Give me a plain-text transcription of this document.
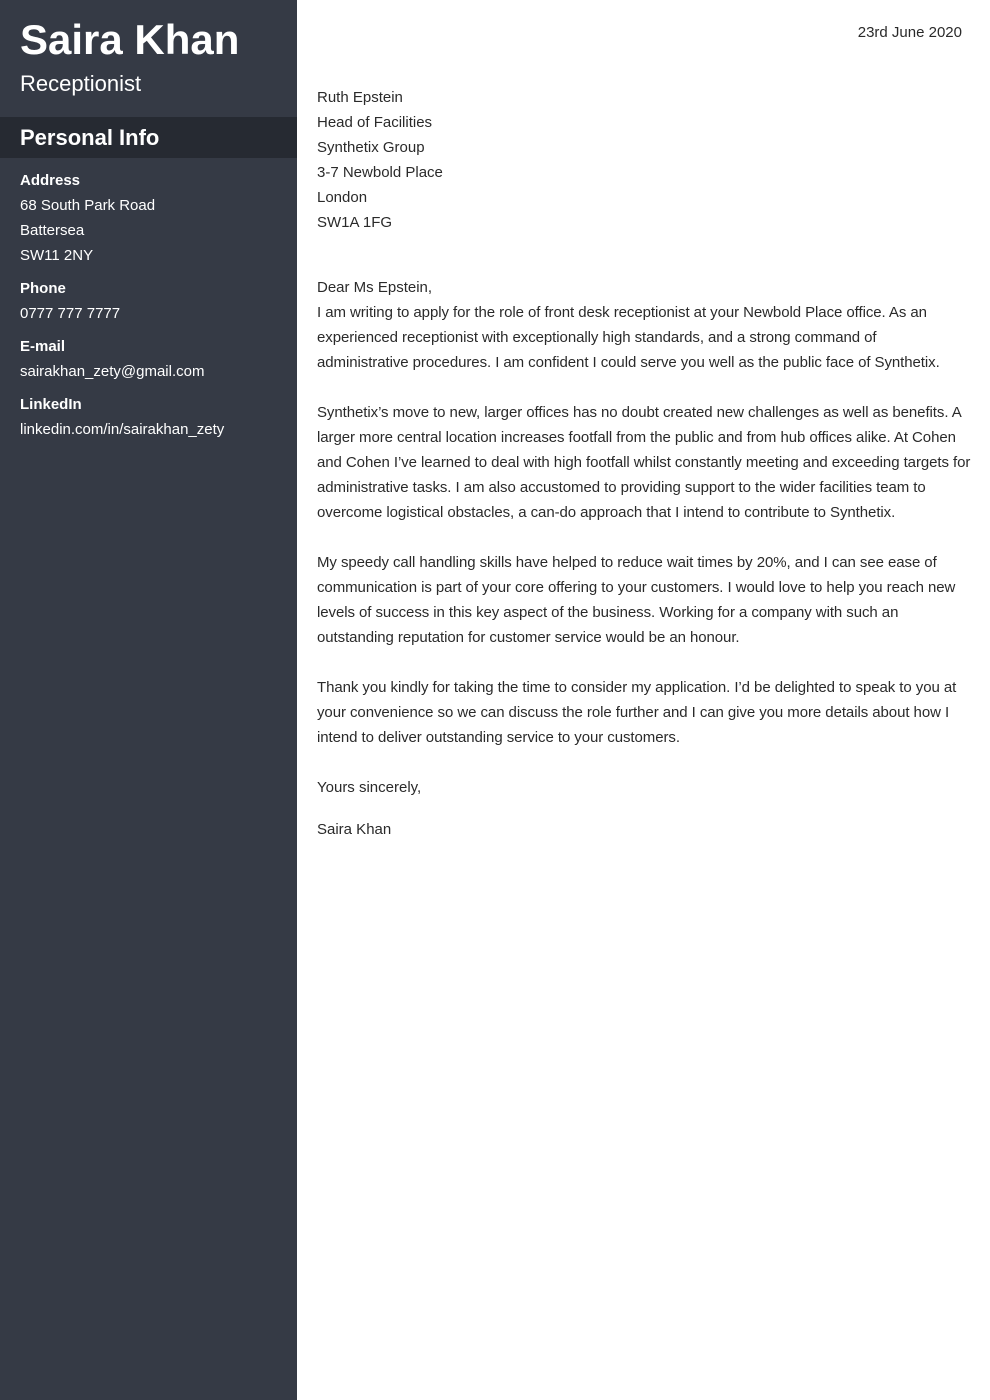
Saira Khan
Receptionist
Personal Info
Address
68 South Park Road
Battersea
SW11 2NY
Phone
0777 777 7777
E-mail
sairakhan_zety@gmail.com
LinkedIn
linkedin.com/in/sairakhan_zety
23rd June 2020
Ruth Epstein
Head of Facilities
Synthetix Group
3-7 Newbold Place
London
SW1A 1FG
Dear Ms Epstein,

I am writing to apply for the role of front desk receptionist at your Newbold Place office. As an experienced receptionist with exceptionally high standards, and a strong command of administrative procedures. I am confident I could serve you well as the public face of Synthetix.

Synthetix’s move to new, larger offices has no doubt created new challenges as well as benefits. A larger more central location increases footfall from the public and from hub offices alike. At Cohen and Cohen I’ve learned to deal with high footfall whilst constantly meeting and exceeding targets for administrative tasks. I am also accustomed to providing support to the wider facilities team to overcome logistical obstacles, a can-do approach that I intend to contribute to Synthetix.

My speedy call handling skills have helped to reduce wait times by 20%, and I can see ease of communication is part of your core offering to your customers. I would love to help you reach new levels of success in this key aspect of the business. Working for a company with such an outstanding reputation for customer service would be an honour.

Thank you kindly for taking the time to consider my application. I’d be delighted to speak to you at your convenience so we can discuss the role further and I can give you more details about how I intend to deliver outstanding service to your customers.

Yours sincerely,
Saira Khan
